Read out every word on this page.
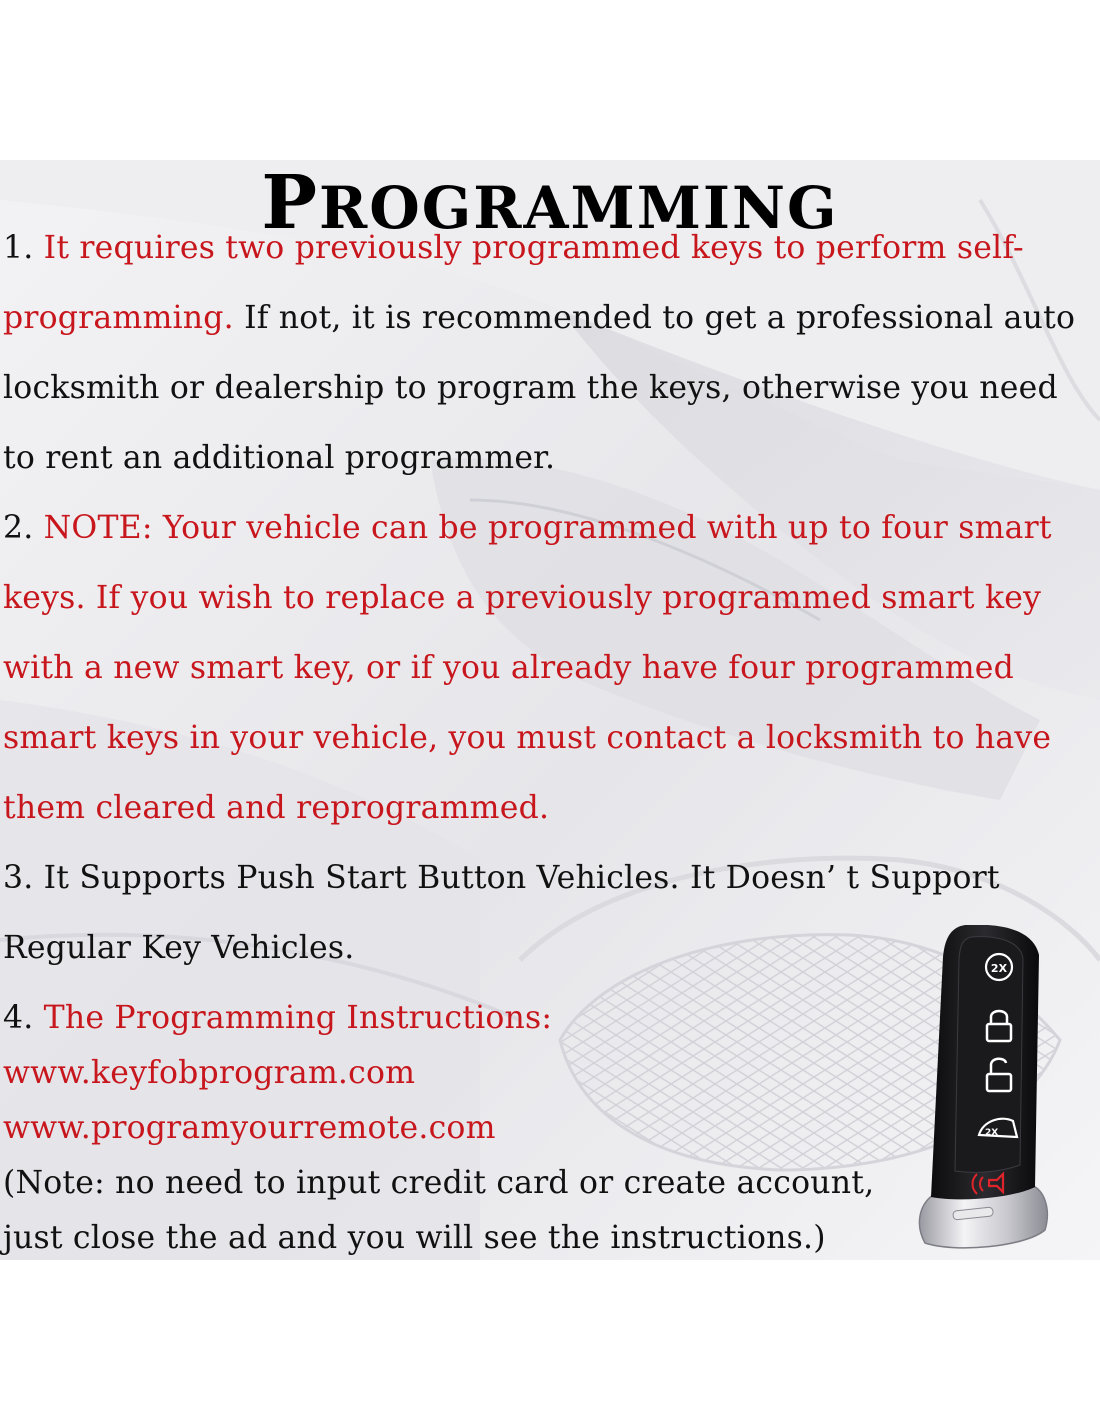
PROGRAMMING
1. It requires two previously programmed keys to perform self-
programming. If not, it is recommended to get a professional auto
locksmith or dealership to program the keys, otherwise you need
to rent an additional programmer.
2. NOTE: Your vehicle can be programmed with up to four smart
keys. If you wish to replace a previously programmed smart key
with a new smart key, or if you already have four programmed
smart keys in your vehicle, you must contact a locksmith to have
them cleared and reprogrammed.
3. It Supports Push Start Button Vehicles. It Doesn’ t Support
Regular Key Vehicles.
4. The Programming Instructions:
www.keyfobprogram.com
www.programyourremote.com
(Note: no need to input credit card or create account,
just close the ad and you will see the instructions.)
2X
2X
